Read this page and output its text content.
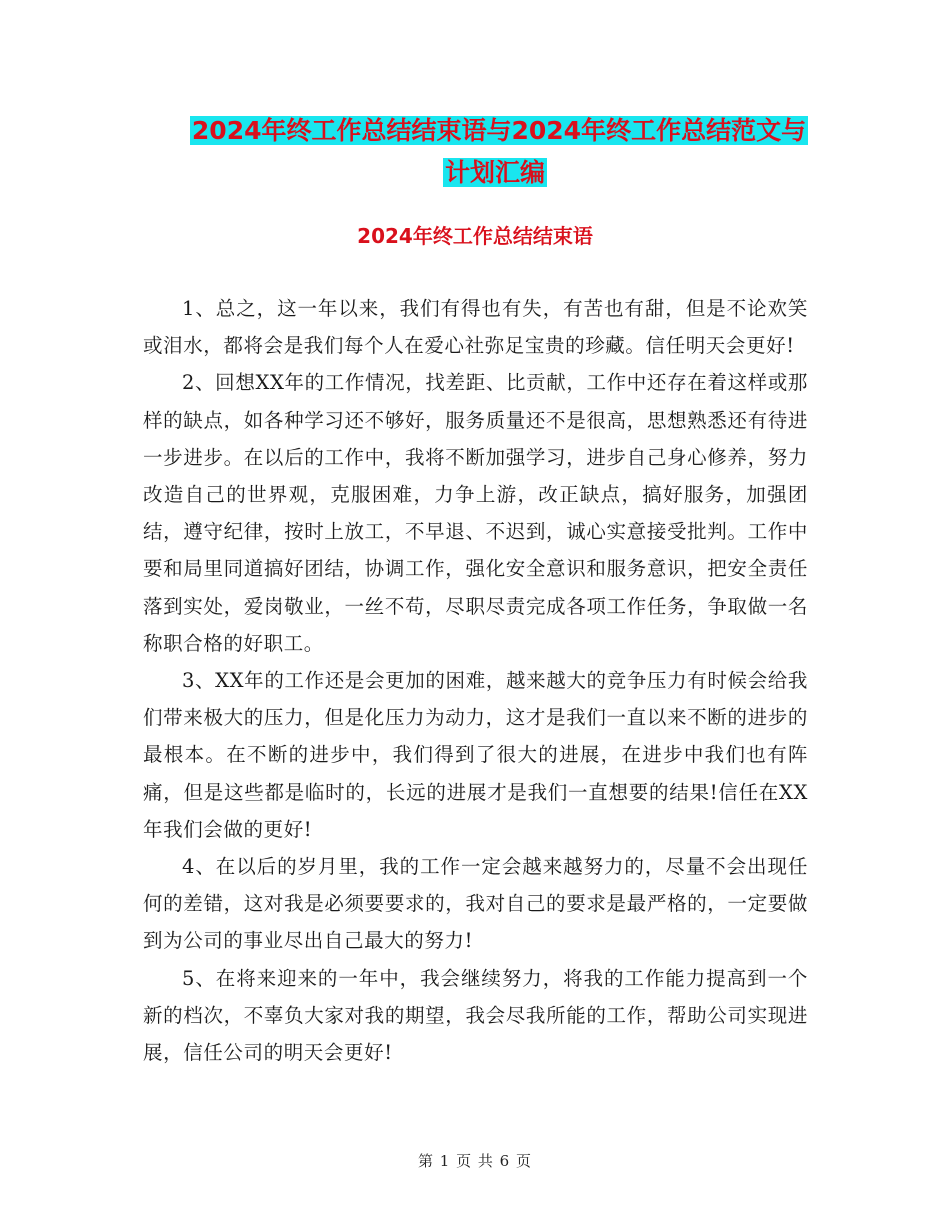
2024年终工作总结结束语与2024年终工作总结范文与
计划汇编
2024年终工作总结结束语

1、总之，这一年以来，我们有得也有失，有苦也有甜，但是不论欢笑或泪水，都将会是我们每个人在爱心社弥足宝贵的珍藏。信任明天会更好!

2、回想XX年的工作情况，找差距、比贡献，工作中还存在着这样或那样的缺点，如各种学习还不够好，服务质量还不是很高，思想熟悉还有待进一步进步。在以后的工作中，我将不断加强学习，进步自己身心修养，努力改造自己的世界观，克服困难，力争上游，改正缺点，搞好服务，加强团结，遵守纪律，按时上放工，不早退、不迟到，诚心实意接受批判。工作中要和局里同道搞好团结，协调工作，强化安全意识和服务意识，把安全责任落到实处，爱岗敬业，一丝不苟，尽职尽责完成各项工作任务，争取做一名称职合格的好职工。

3、XX年的工作还是会更加的困难，越来越大的竞争压力有时候会给我们带来极大的压力，但是化压力为动力，这才是我们一直以来不断的进步的最根本。在不断的进步中，我们得到了很大的进展，在进步中我们也有阵痛，但是这些都是临时的，长远的进展才是我们一直想要的结果!信任在XX年我们会做的更好!

4、在以后的岁月里，我的工作一定会越来越努力的，尽量不会出现任何的差错，这对我是必须要要求的，我对自己的要求是最严格的，一定要做到为公司的事业尽出自己最大的努力!

5、在将来迎来的一年中，我会继续努力，将我的工作能力提高到一个新的档次，不辜负大家对我的期望，我会尽我所能的工作，帮助公司实现进展，信任公司的明天会更好!

第 1 页 共 6 页
